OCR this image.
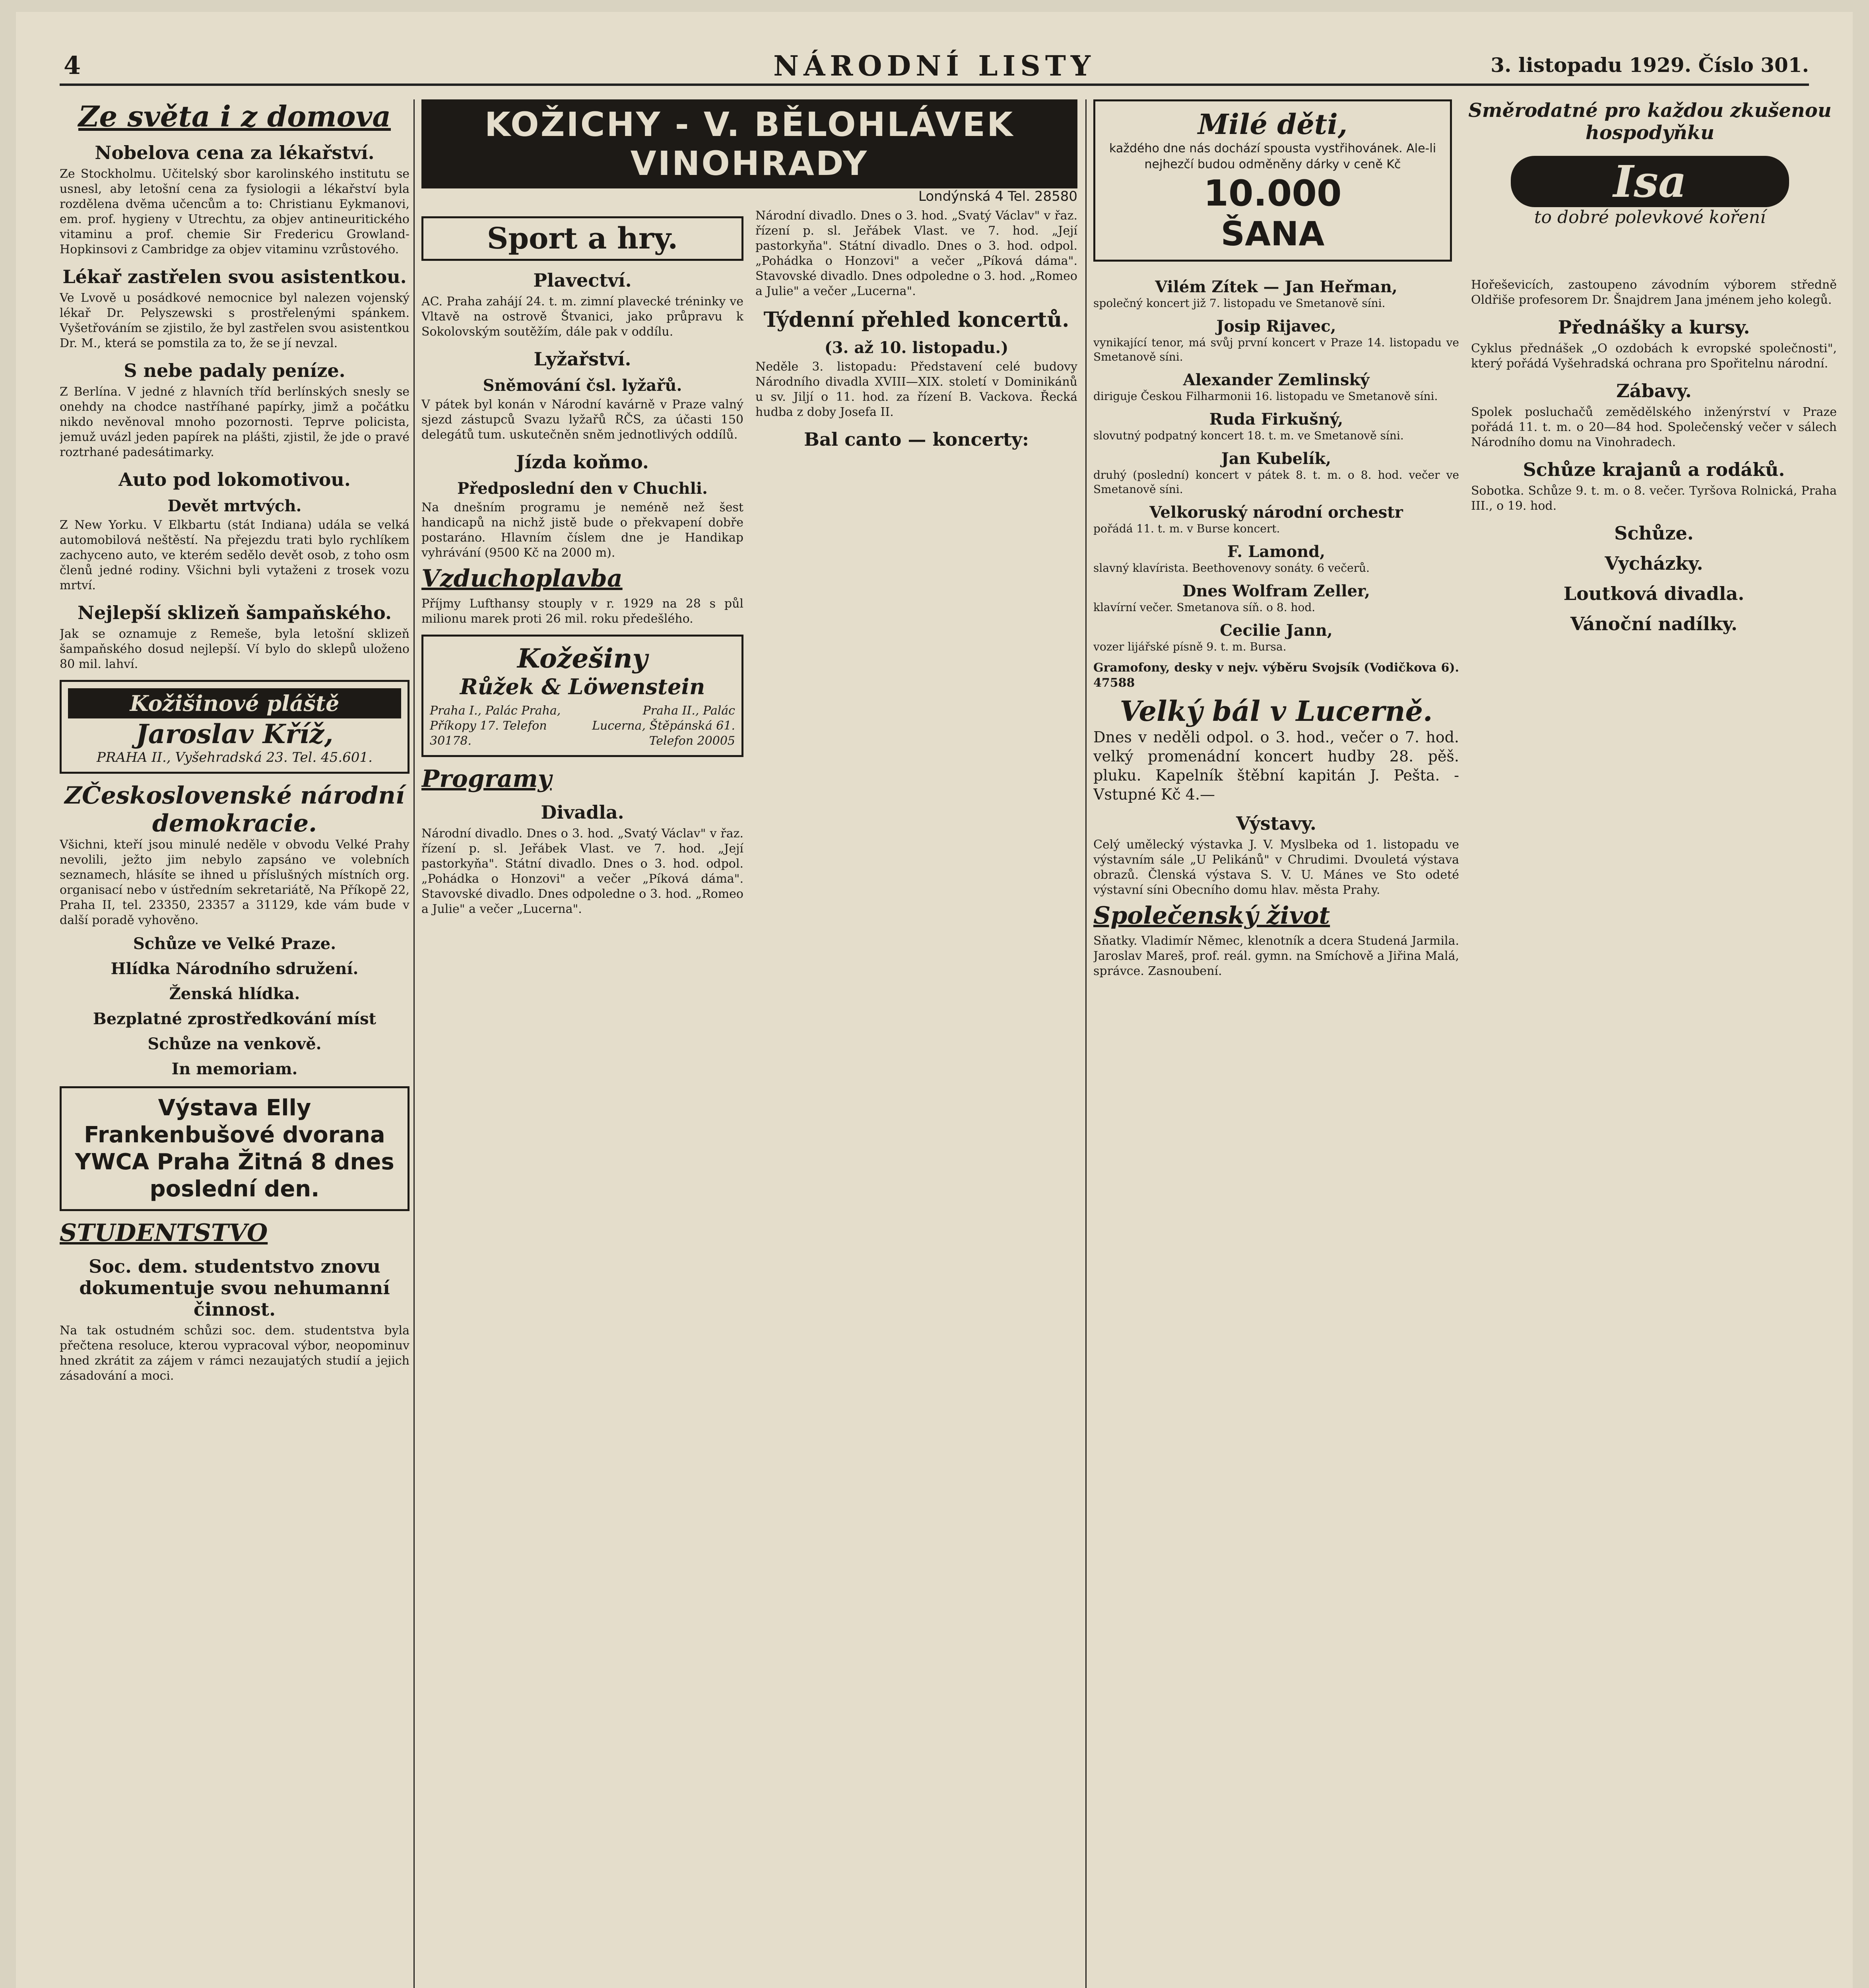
4	NÁRODNÍ LISTY	3. listopadu 1929. Číslo 301.
Ze světa i z domova
Nobelova cena za lékařství.
Ze Stockholmu. Učitelský sbor karolinského institutu se usnesl, aby letošní cena za fysiologii a lékařství byla rozdělena dvěma učencům a to: Christianu Eykmanovi, em. prof. hygieny v Utrechtu, za objev antineuritického vitaminu a prof. chemie Sir Fredericu Growland-Hopkinsovi z Cambridge za objev vitaminu vzrůstového.
Lékař zastřelen svou asistentkou.
Ve Lvově u posádkové nemocnice byl nalezen vojenský lékař Dr. Pelyszewski s prostřelenými spánkem. Vyšetřováním se zjistilo, že byl zastřelen svou asistentkou Dr. M., která se pomstila za to, že se jí nevzal.
S nebe padaly peníze.
Z Berlína. V jedné z hlavních tříd berlínských snesly se onehdy na chodce nastříhané papírky, jimž a počátku nikdo nevěnoval mnoho pozornosti. Teprve policista, jemuž uvázl jeden papírek na plášti, zjistil, že jde o pravé roztrhané padesátimarky.
Auto pod lokomotivou.
Devět mrtvých.
Z New Yorku. V Elkbartu (stát Indiana) udála se velká automobilová neštěstí. Na přejezdu trati bylo rychlíkem zachyceno auto, ve kterém sedělo devět osob, z toho osm členů jedné rodiny. Všichni byli vytaženi z trosek vozu mrtví.
Nejlepší sklizeň šampaňského.
Jak se oznamuje z Remeše, byla letošní sklizeň šampaňského dosud nejlepší. Ví bylo do sklepů uloženo 80 mil. lahví.
Kožišinové pláště
Jaroslav Kříž,
PRAHA II., Vyšehradská 23. Tel. 45.601.
ZČeskoslovenské národní demokracie.
Všichni, kteří jsou minulé neděle v obvodu Velké Prahy nevolili, ježto jim nebylo zapsáno ve volebních seznamech, hlásíte se ihned u příslušných místních org. organisací nebo v ústředním sekretariátě, Na Příkopě 22, Praha II, tel. 23350, 23357 a 31129, kde vám bude v další poradě vyhověno.
Schůze ve Velké Praze.
Hlídka Národního sdružení.
Ženská hlídka.
Bezplatné zprostředkování míst
Schůze na venkově.
In memoriam.
Výstava Elly Frankenbušové dvorana YWCA Praha Žitná 8 dnes poslední den.
STUDENTSTVO
Soc. dem. studentstvo znovu dokumentuje svou nehumanní činnost.
Na tak ostudném schůzi soc. dem. studentstva byla přečtena resoluce, kterou vypracoval výbor, neopominuv hned zkrátit za zájem v rámci nezaujatých studií a jejich zásadování a moci.
KOŽICHY - V. BĚLOHLÁVEK VINOHRADY
Londýnská 4 Tel. 28580
Sport a hry.
Plavectví.
AC. Praha zahájí 24. t. m. zimní plavecké tréninky ve Vltavě na ostrově Štvanici, jako průpravu k Sokolovským soutěžím, dále pak v oddílu.
Lyžařství.
Sněmování čsl. lyžařů.
V pátek byl konán v Národní kavárně v Praze valný sjezd zástupců Svazu lyžařů RČS, za účasti 150 delegátů tum. uskutečněn sněm jednotlivých oddílů.
Jízda koňmo.
Předposlední den v Chuchli.
Na dnešním programu je neméně než šest handicapů na nichž jistě bude o překvapení dobře postaráno. Hlavním číslem dne je Handikap vyhrávání (9500 Kč na 2000 m).
Vzduchoplavba
Příjmy Lufthansy stouply v r. 1929 na 28 s půl milionu marek proti 26 mil. roku předešlého.
Kožešiny
Růžek & Löwenstein
Praha I., Palác Praha, Příkopy 17. Telefon 30178.
Praha II., Palác Lucerna, Štěpánská 61. Telefon 20005
Programy
Divadla.
Národní divadlo. Dnes o 3. hod. „Svatý Václav" v řaz. řízení p. sl. Jeřábek Vlast. ve 7. hod. „Její pastorkyňa". Státní divadlo. Dnes o 3. hod. odpol. „Pohádka o Honzovi" a večer „Píková dáma". Stavovské divadlo. Dnes odpoledne o 3. hod. „Romeo a Julie" a večer „Lucerna".
Národní divadlo. Dnes o 3. hod. „Svatý Václav" v řaz. řízení p. sl. Jeřábek Vlast. ve 7. hod. „Její pastorkyňa". Státní divadlo. Dnes o 3. hod. odpol. „Pohádka o Honzovi" a večer „Píková dáma". Stavovské divadlo. Dnes odpoledne o 3. hod. „Romeo a Julie" a večer „Lucerna".
Týdenní přehled koncertů.
(3. až 10. listopadu.)
Neděle 3. listopadu: Představení celé budovy Národního divadla XVIII—XIX. století v Dominikánů u sv. Jiljí o 11. hod. za řízení B. Vackova. Řecká hudba z doby Josefa II.
Bal canto — koncerty:
Milé děti,
každého dne nás dochází spousta vystřihovánek. Ale-li nejhezčí budou odměněny dárky v ceně Kč
10.000
ŠANA
Směrodatné pro každou zkušenou hospodyňku
Isa
to dobré polevkové koření
Vilém Zítek — Jan Heřman,
společný koncert již 7. listopadu ve Smetanově síni.
Josip Rijavec,
vynikající tenor, má svůj první koncert v Praze 14. listopadu ve Smetanově síni.
Alexander Zemlinský
diriguje Českou Filharmonii 16. listopadu ve Smetanově síni.
Ruda Firkušný,
slovutný podpatný koncert 18. t. m. ve Smetanově síni.
Jan Kubelík,
druhý (poslední) koncert v pátek 8. t. m. o 8. hod. večer ve Smetanově síni.
Velkoruský národní orchestr
pořádá 11. t. m. v Burse koncert.
F. Lamond,
slavný klavírista. Beethovenovy sonáty. 6 večerů.
Dnes Wolfram Zeller,
klavírní večer. Smetanova síň. o 8. hod.
Cecilie Jann,
vozer lijářské písně 9. t. m. Bursa.
Gramofony, desky v nejv. výběru Svojsík (Vodičkova 6). 47588
Velký bál v Lucerně.
Dnes v neděli odpol. o 3. hod., večer o 7. hod. velký promenádní koncert hudby 28. pěš. pluku. Kapelník štěbní kapitán J. Pešta. - Vstupné Kč 4.—
Výstavy.
Celý umělecký výstavka J. V. Myslbeka od 1. listopadu ve výstavním sále „U Pelikánů" v Chrudimi. Dvouletá výstava obrazů. Členská výstava S. V. U. Mánes ve Sto odeté výstavní síni Obecního domu hlav. města Prahy.
Společenský život
Sňatky. Vladimír Němec, klenotník a dcera Studená Jarmila. Jaroslav Mareš, prof. reál. gymn. na Smíchově a Jiřina Malá, správce. Zasnoubení.
Hořeševicích, zastoupeno závodním výborem středně Oldřiše profesorem Dr. Šnajdrem Jana jménem jeho kolegů.
Přednášky a kursy.
Cyklus přednášek „O ozdobách k evropské společnosti", který pořádá Vyšehradská ochrana pro Spořitelnu národní.
Zábavy.
Spolek posluchačů zemědělského inženýrství v Praze pořádá 11. t. m. o 20—84 hod. Společenský večer v sálech Národního domu na Vinohradech.
Schůze krajanů a rodáků.
Sobotka. Schůze 9. t. m. o 8. večer. Tyršova Rolnická, Praha III., o 19. hod.
Schůze.
Vycházky.
Loutková divadla.
Vánoční nadílky.
